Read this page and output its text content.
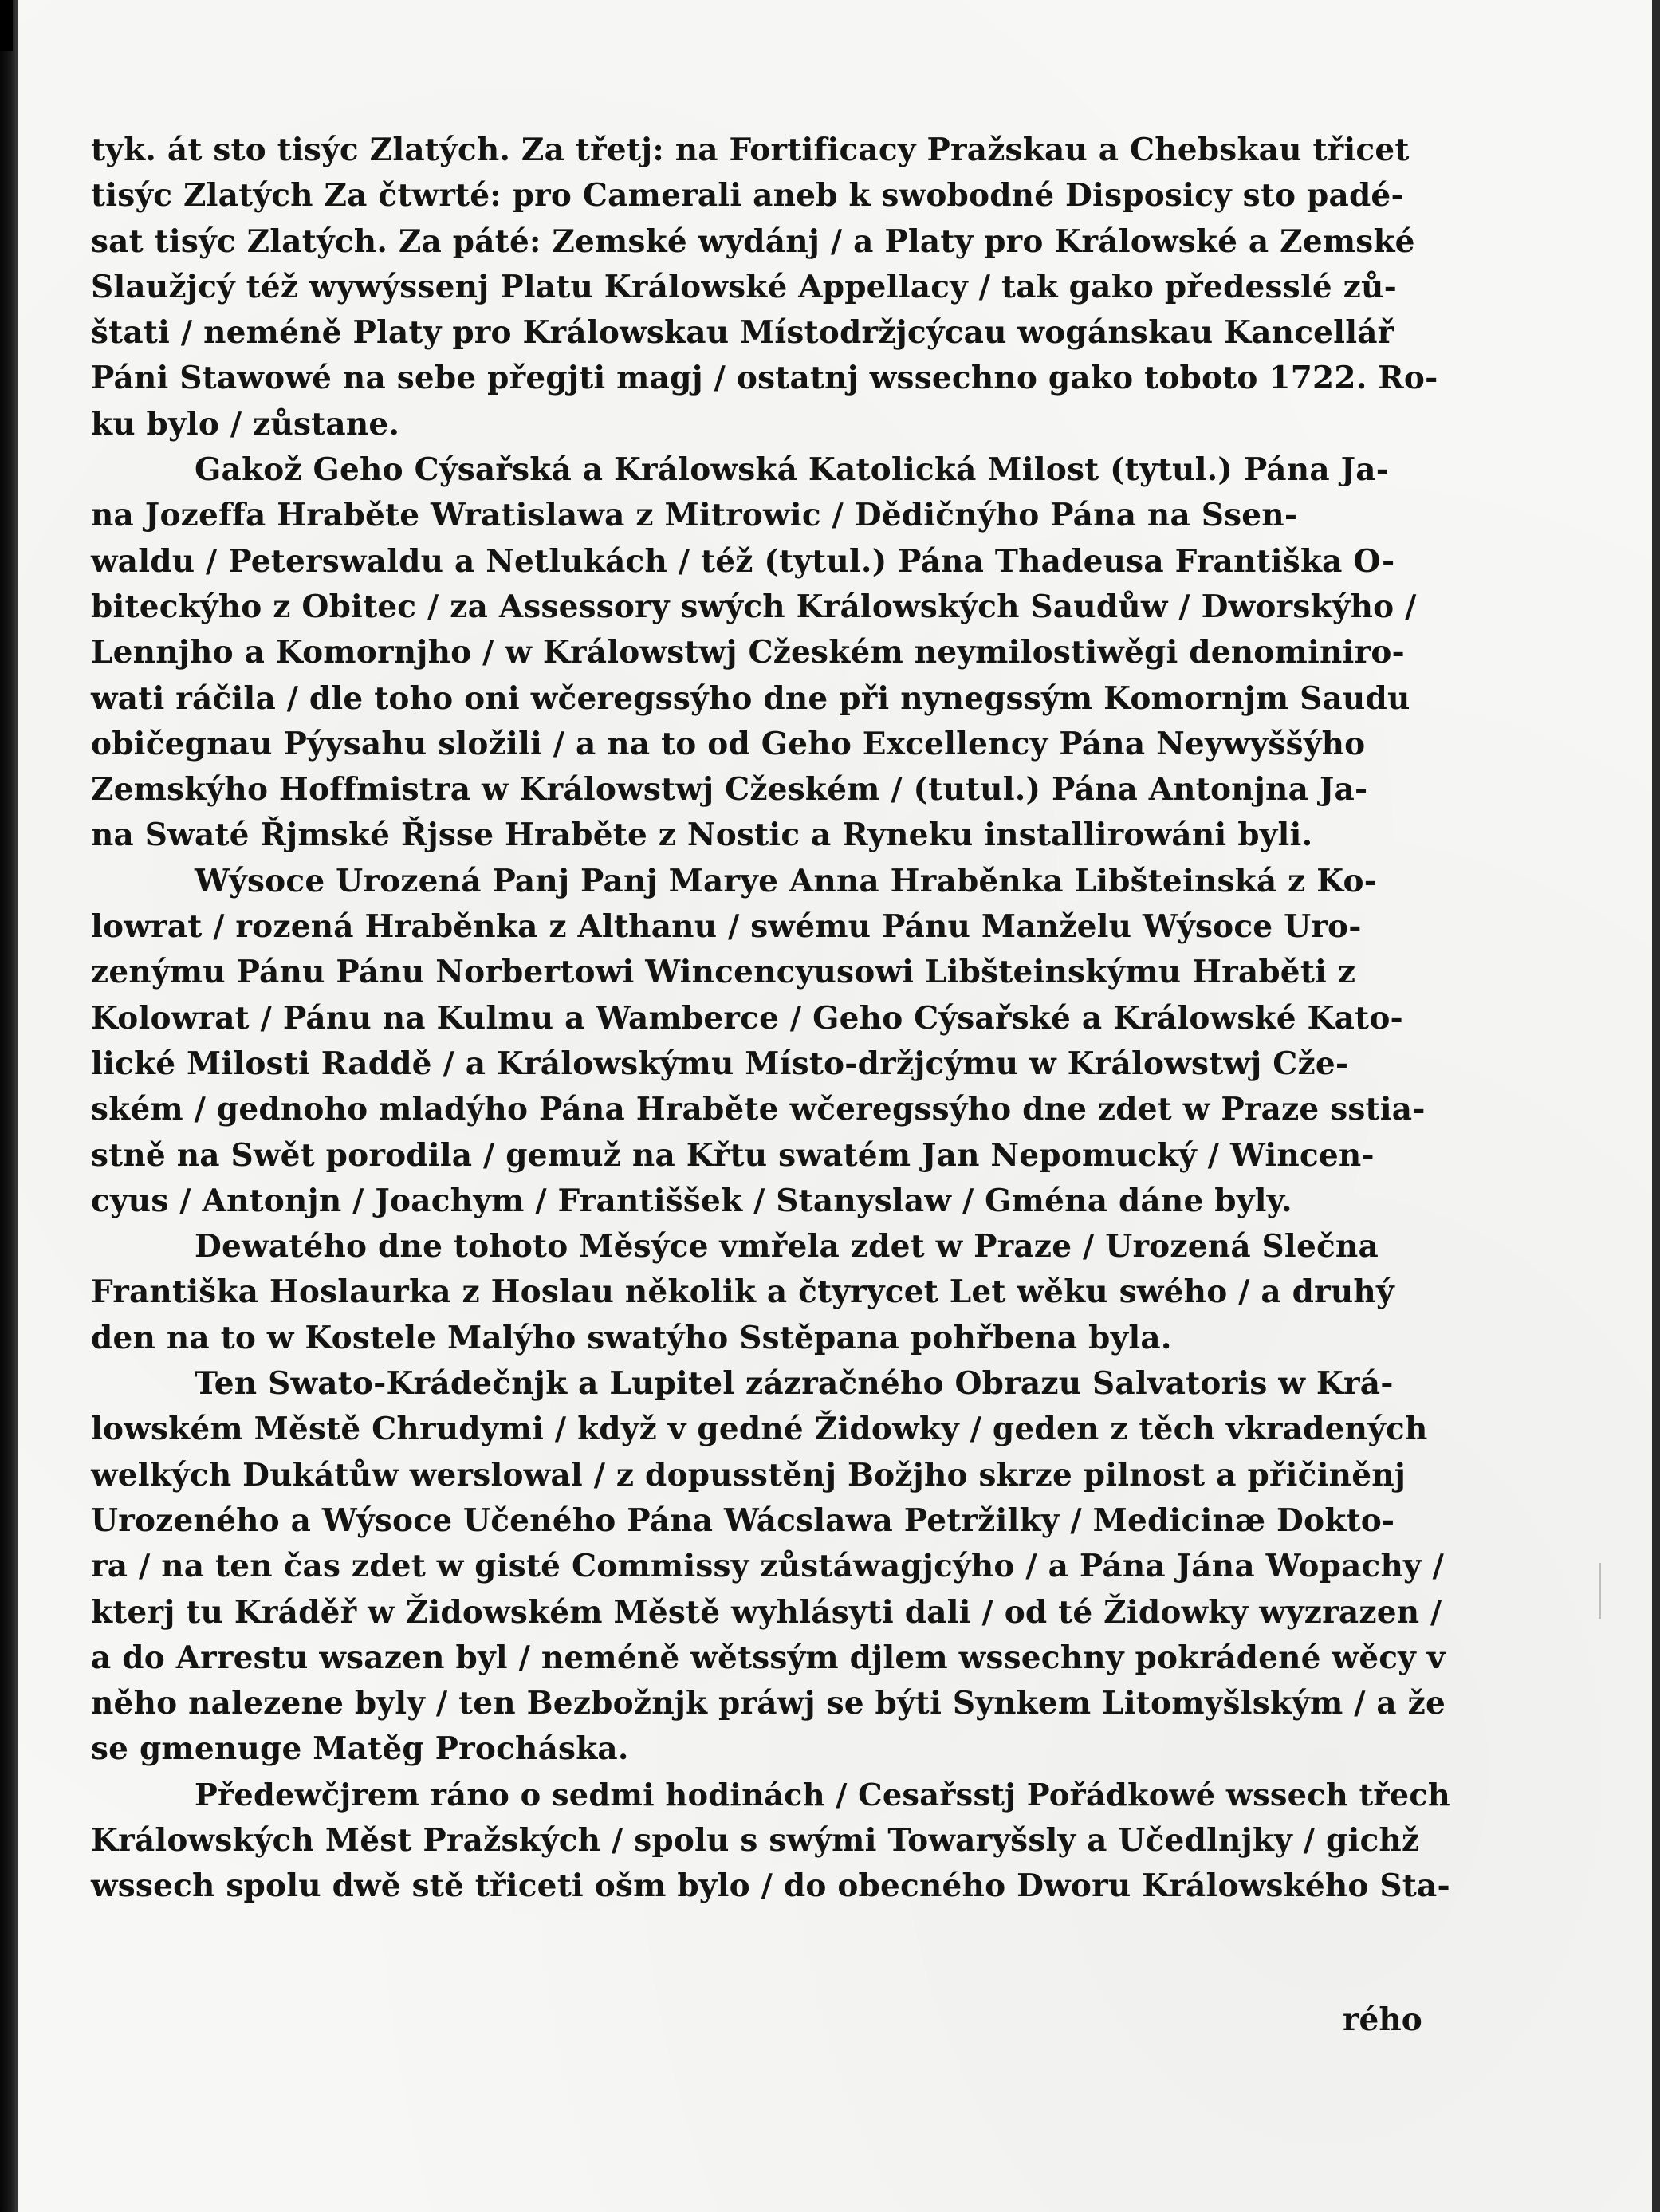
tyk. át sto tisýc Zlatých. Za třetj: na Fortificacy Pražskau a Chebskau třicet
tisýc Zlatých Za čtwrté: pro Camerali aneb k swobodné Disposicy sto padé-
sat tisýc Zlatých. Za páté: Zemské wydánj / a Platy pro Králowské a Zemské
Slaužjcý též wywýssenj Platu Králowské Appellacy / tak gako předesslé zů-
štati / neméně Platy pro Králowskau Místodržjcýcau wogánskau Kancellář
Páni Stawowé na sebe přegjti magj / ostatnj wssechno gako toboto 1722. Ro-
ku bylo / zůstane.
Gakož Geho Cýsařská a Králowská Katolická Milost (tytul.) Pána Ja-
na Jozeffa Hraběte Wratislawa z Mitrowic / Dědičnýho Pána na Ssen-
waldu / Peterswaldu a Netlukách / též (tytul.) Pána Thadeusa Františka O-
biteckýho z Obitec / za Assessory swých Králowských Saudůw / Dworskýho /
Lennjho a Komornjho / w Králowstwj Cžeském neymilostiwěgi denominiro-
wati ráčila / dle toho oni wčeregssýho dne při nynegssým Komornjm Saudu
običegnau Pýysahu složili / a na to od Geho Excellency Pána Neywyššýho
Zemskýho Hoffmistra w Králowstwj Cžeském / (tutul.) Pána Antonjna Ja-
na Swaté Řjmské Řjsse Hraběte z Nostic a Ryneku installirowáni byli.
Wýsoce Urozená Panj Panj Marye Anna Hraběnka Libšteinská z Ko-
lowrat / rozená Hraběnka z Althanu / swému Pánu Manželu Wýsoce Uro-
zenýmu Pánu Pánu Norbertowi Wincencyusowi Libšteinskýmu Hraběti z
Kolowrat / Pánu na Kulmu a Wamberce / Geho Cýsařské a Králowské Kato-
lické Milosti Raddě / a Králowskýmu Místo-držjcýmu w Králowstwj Cže-
ském / gednoho mladýho Pána Hraběte wčeregssýho dne zdet w Praze sstia-
stně na Swět porodila / gemuž na Křtu swatém Jan Nepomucký / Wincen-
cyus / Antonjn / Joachym / Františšek / Stanyslaw / Gména dáne byly.
Dewatého dne tohoto Měsýce vmřela zdet w Praze / Urozená Slečna
Františka Hoslaurka z Hoslau několik a čtyrycet Let wěku swého / a druhý
den na to w Kostele Malýho swatýho Sstěpana pohřbena byla.
Ten Swato-Krádečnjk a Lupitel zázračného Obrazu Salvatoris w Krá-
lowském Městě Chrudymi / když v gedné Židowky / geden z těch vkradených
welkých Dukátůw werslowal / z dopusstěnj Božjho skrze pilnost a přičiněnj
Urozeného a Wýsoce Učeného Pána Wácslawa Petržilky / Medicinæ Dokto-
ra / na ten čas zdet w gisté Commissy zůstáwagjcýho / a Pána Jána Wopachy /
kterj tu Kráděř w Židowském Městě wyhlásyti dali / od té Židowky wyzrazen /
a do Arrestu wsazen byl / neméně wětssým djlem wssechny pokrádené wěcy v
něho nalezene byly / ten Bezbožnjk práwj se býti Synkem Litomyšlským / a že
se gmenuge Matěg Procháska.
Předewčjrem ráno o sedmi hodinách / Cesařsstj Pořádkowé wssech třech
Králowských Měst Pražských / spolu s swými Towaryšsly a Učedlnjky / gichž
wssech spolu dwě stě třiceti ošm bylo / do obecného Dworu Králowského Sta-
rého
